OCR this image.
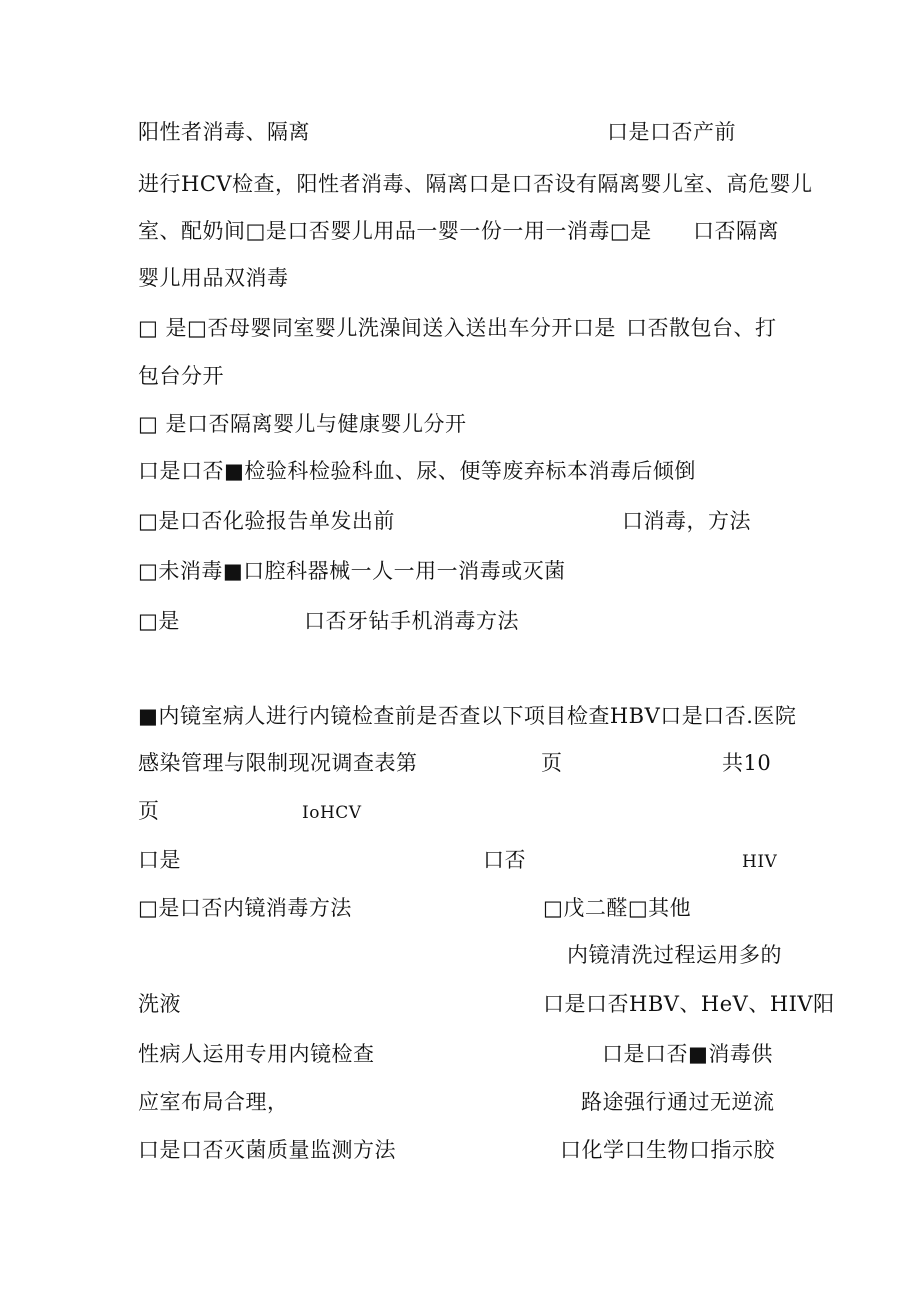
阳性者消毒、隔离	口是口否产前
进行HCV检查，阳性者消毒、隔离口是口否设有隔离婴儿室、高危婴儿
室、配奶间□是口否婴儿用品一婴一份一用一消毒□是 口否隔离
婴儿用品双消毒
□ 是□否母婴同室婴儿洗澡间送入送出车分开口是 口否散包台、打
包台分开
□ 是口否隔离婴儿与健康婴儿分开
口是口否■检验科检验科血、尿、便等废弃标本消毒后倾倒
□是口否化验报告单发出前	口消毒，方法
□未消毒■口腔科器械一人一用一消毒或灭菌
□是	口否牙钻手机消毒方法
■内镜室病人进行内镜检查前是否查以下项目检查HBV口是口否.医院
感染管理与限制现况调查表第	页	共10
页	IoHCV
口是	口否	HIV
□是口否内镜消毒方法	□戊二醛□其他
内镜清洗过程运用多的
洗液	口是口否HBV、HeV、HIV阳
性病人运用专用内镜检查	口是口否■消毒供
应室布局合理，	路途强行通过无逆流
口是口否灭菌质量监测方法	口化学口生物口指示胶
